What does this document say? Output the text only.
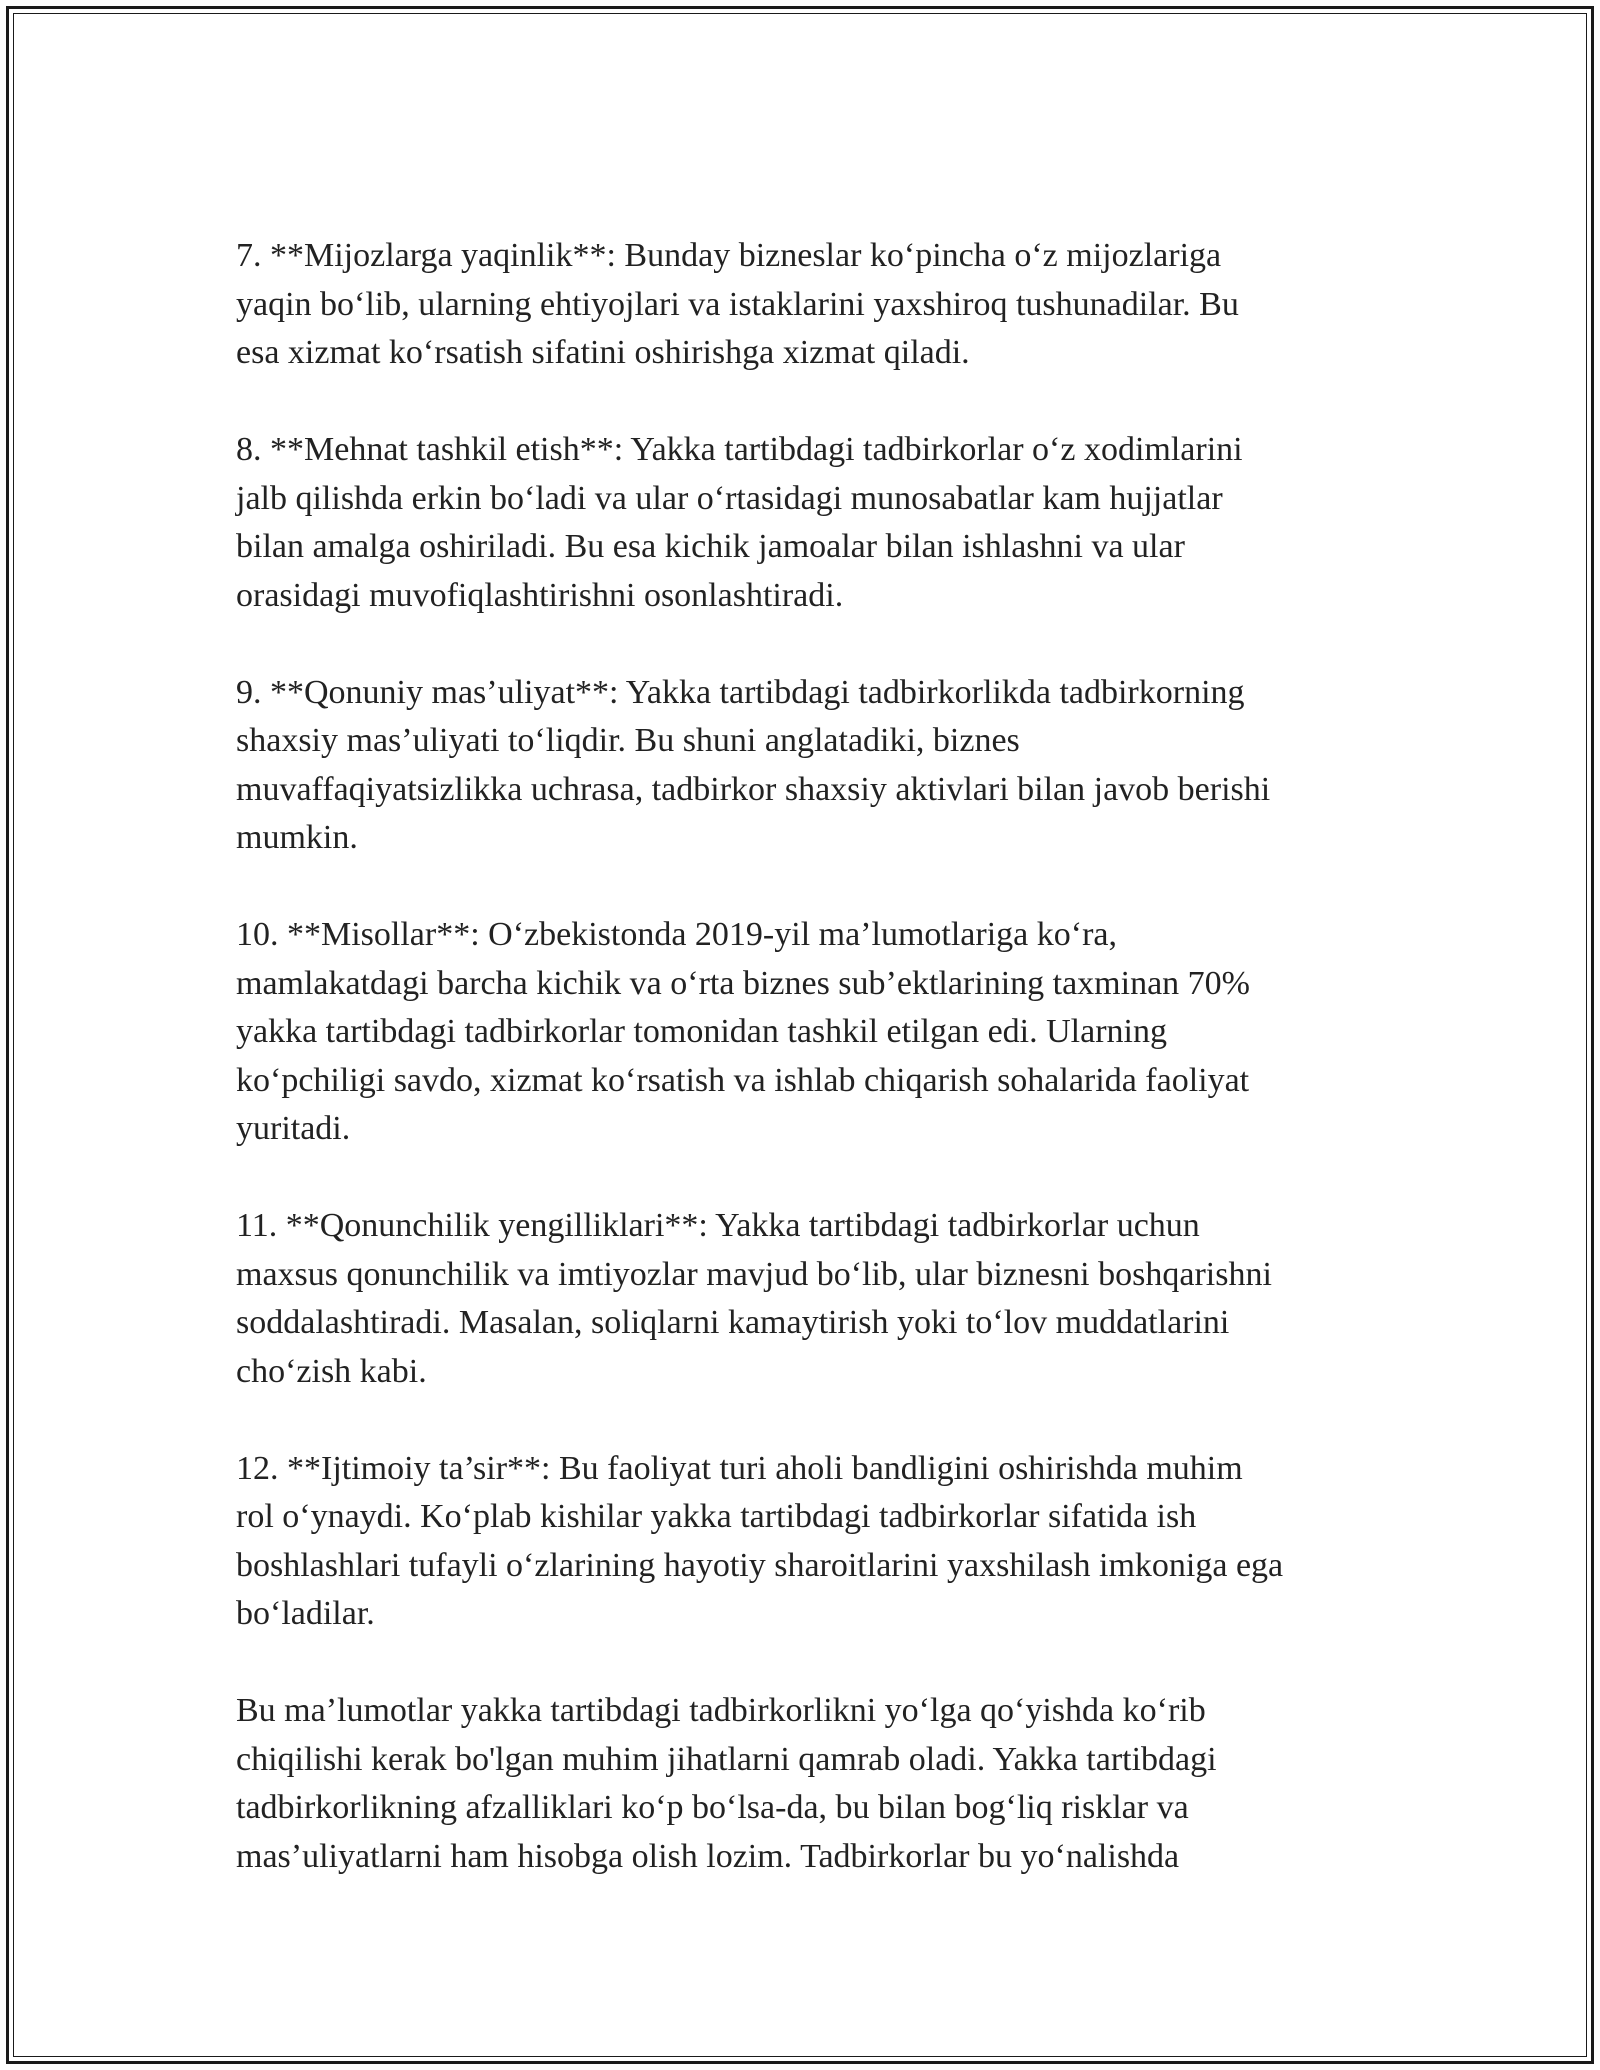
7. **Mijozlarga yaqinlik**: Bunday bizneslar ko‘pincha o‘z mijozlariga
yaqin bo‘lib, ularning ehtiyojlari va istaklarini yaxshiroq tushunadilar. Bu
esa xizmat ko‘rsatish sifatini oshirishga xizmat qiladi.

8. **Mehnat tashkil etish**: Yakka tartibdagi tadbirkorlar o‘z xodimlarini
jalb qilishda erkin bo‘ladi va ular o‘rtasidagi munosabatlar kam hujjatlar
bilan amalga oshiriladi. Bu esa kichik jamoalar bilan ishlashni va ular
orasidagi muvofiqlashtirishni osonlashtiradi.

9. **Qonuniy mas’uliyat**: Yakka tartibdagi tadbirkorlikda tadbirkorning
shaxsiy mas’uliyati to‘liqdir. Bu shuni anglatadiki, biznes
muvaffaqiyatsizlikka uchrasa, tadbirkor shaxsiy aktivlari bilan javob berishi
mumkin.

10. **Misollar**: O‘zbekistonda 2019-yil ma’lumotlariga ko‘ra,
mamlakatdagi barcha kichik va o‘rta biznes sub’ektlarining taxminan 70%
yakka tartibdagi tadbirkorlar tomonidan tashkil etilgan edi. Ularning
ko‘pchiligi savdo, xizmat ko‘rsatish va ishlab chiqarish sohalarida faoliyat
yuritadi.

11. **Qonunchilik yengilliklari**: Yakka tartibdagi tadbirkorlar uchun
maxsus qonunchilik va imtiyozlar mavjud bo‘lib, ular biznesni boshqarishni
soddalashtiradi. Masalan, soliqlarni kamaytirish yoki to‘lov muddatlarini
cho‘zish kabi.

12. **Ijtimoiy ta’sir**: Bu faoliyat turi aholi bandligini oshirishda muhim
rol o‘ynaydi. Ko‘plab kishilar yakka tartibdagi tadbirkorlar sifatida ish
boshlashlari tufayli o‘zlarining hayotiy sharoitlarini yaxshilash imkoniga ega
bo‘ladilar.

Bu ma’lumotlar yakka tartibdagi tadbirkorlikni yo‘lga qo‘yishda ko‘rib
chiqilishi kerak bo'lgan muhim jihatlarni qamrab oladi. Yakka tartibdagi
tadbirkorlikning afzalliklari ko‘p bo‘lsa-da, bu bilan bog‘liq risklar va
mas’uliyatlarni ham hisobga olish lozim. Tadbirkorlar bu yo‘nalishda
